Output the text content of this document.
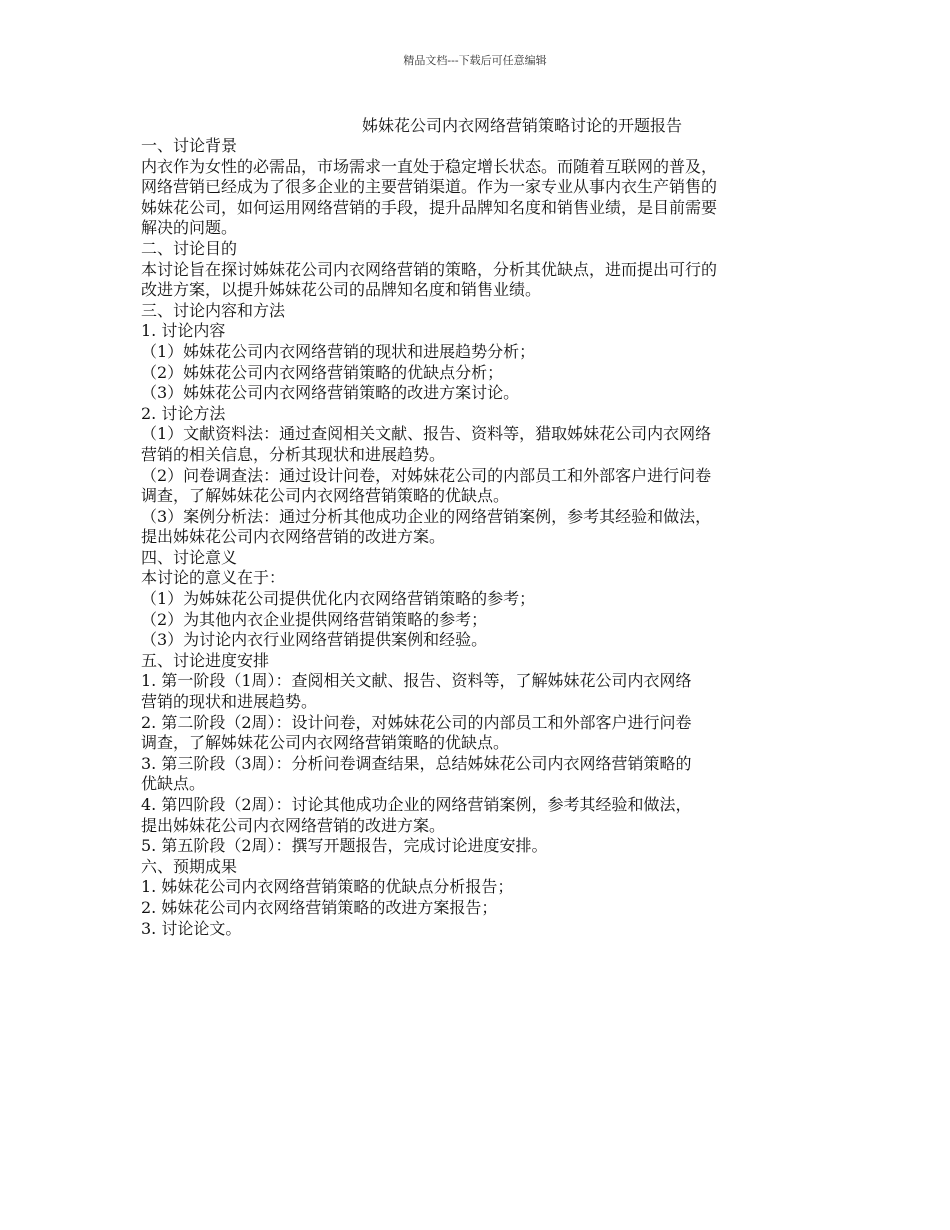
精品文档---下载后可任意编辑
姊妹花公司内衣网络营销策略讨论的开题报告
一、讨论背景
内衣作为女性的必需品，市场需求一直处于稳定增长状态。而随着互联网的普及，
网络营销已经成为了很多企业的主要营销渠道。作为一家专业从事内衣生产销售的
姊妹花公司，如何运用网络营销的手段，提升品牌知名度和销售业绩，是目前需要
解决的问题。
二、讨论目的
本讨论旨在探讨姊妹花公司内衣网络营销的策略，分析其优缺点，进而提出可行的
改进方案，以提升姊妹花公司的品牌知名度和销售业绩。
三、讨论内容和方法
1. 讨论内容
（1）姊妹花公司内衣网络营销的现状和进展趋势分析；
（2）姊妹花公司内衣网络营销策略的优缺点分析；
（3）姊妹花公司内衣网络营销策略的改进方案讨论。
2. 讨论方法
（1）文献资料法：通过查阅相关文献、报告、资料等，猎取姊妹花公司内衣网络
营销的相关信息，分析其现状和进展趋势。
（2）问卷调查法：通过设计问卷，对姊妹花公司的内部员工和外部客户进行问卷
调查，了解姊妹花公司内衣网络营销策略的优缺点。
（3）案例分析法：通过分析其他成功企业的网络营销案例，参考其经验和做法，
提出姊妹花公司内衣网络营销的改进方案。
四、讨论意义
本讨论的意义在于：
（1）为姊妹花公司提供优化内衣网络营销策略的参考；
（2）为其他内衣企业提供网络营销策略的参考；
（3）为讨论内衣行业网络营销提供案例和经验。
五、讨论进度安排
1. 第一阶段（1周）：查阅相关文献、报告、资料等，了解姊妹花公司内衣网络
营销的现状和进展趋势。
2. 第二阶段（2周）：设计问卷，对姊妹花公司的内部员工和外部客户进行问卷
调查，了解姊妹花公司内衣网络营销策略的优缺点。
3. 第三阶段（3周）：分析问卷调查结果，总结姊妹花公司内衣网络营销策略的
优缺点。
4. 第四阶段（2周）：讨论其他成功企业的网络营销案例，参考其经验和做法，
提出姊妹花公司内衣网络营销的改进方案。
5. 第五阶段（2周）：撰写开题报告，完成讨论进度安排。
六、预期成果
1. 姊妹花公司内衣网络营销策略的优缺点分析报告；
2. 姊妹花公司内衣网络营销策略的改进方案报告；
3. 讨论论文。
